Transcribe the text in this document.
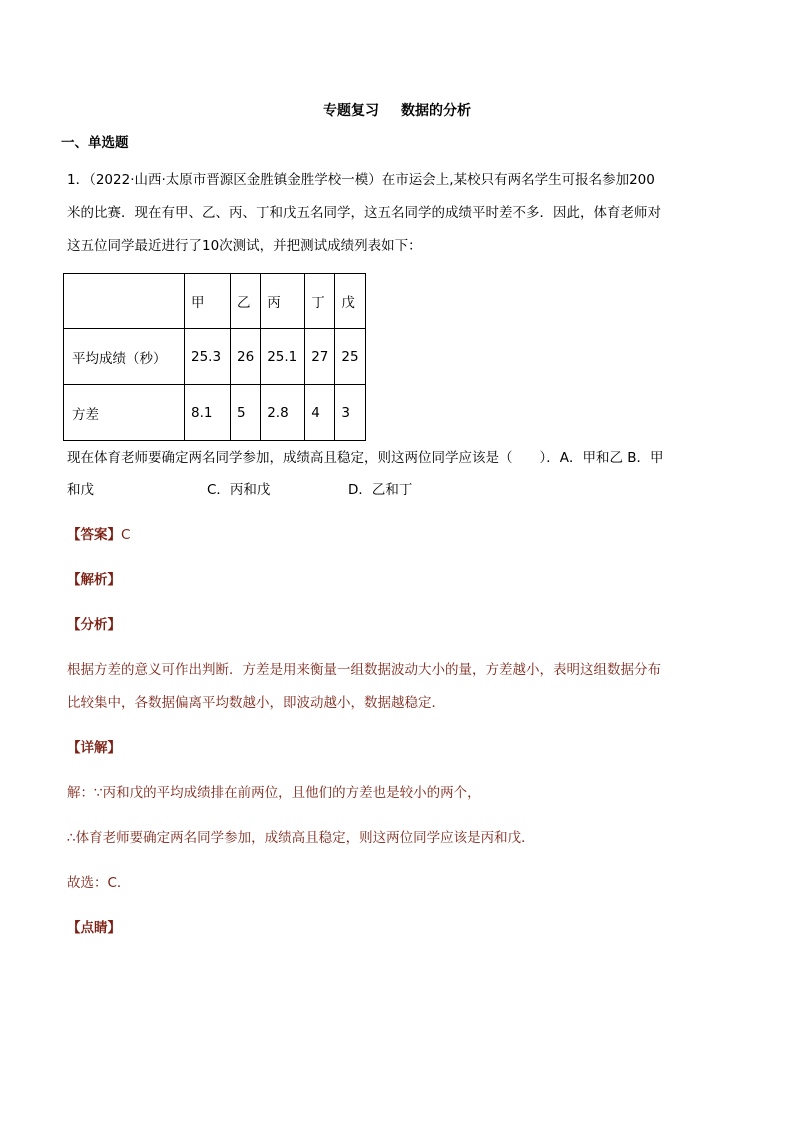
专题复习 数据的分析
一、单选题
1．（2022·山西·太原市晋源区金胜镇金胜学校一模）在市运会上,某校只有两名学生可报名参加200
米的比赛．现在有甲、乙、丙、丁和戊五名同学，这五名同学的成绩平时差不多．因此，体育老师对
这五位同学最近进行了10次测试，并把测试成绩列表如下：
	甲	乙	丙	丁	戊
平均成绩（秒）	25.3	26	25.1	27	25
方差	8.1	5	2.8	4	3
现在体育老师要确定两名同学参加，成绩高且稳定，则这两位同学应该是（　　）．A．甲和乙 B．甲
和戊	C．丙和戊	D．乙和丁
【答案】C
【解析】
【分析】
根据方差的意义可作出判断．方差是用来衡量一组数据波动大小的量，方差越小，表明这组数据分布
比较集中，各数据偏离平均数越小，即波动越小，数据越稳定．
【详解】
解：∵丙和戊的平均成绩排在前两位，且他们的方差也是较小的两个，
∴体育老师要确定两名同学参加，成绩高且稳定，则这两位同学应该是丙和戊．
故选：C．
【点睛】
